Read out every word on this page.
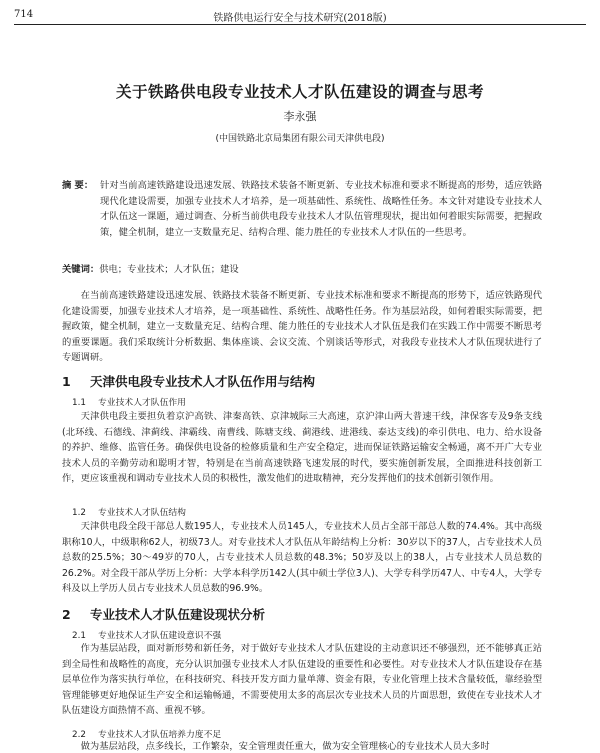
714	铁路供电运行安全与技术研究(2018版)
关于铁路供电段专业技术人才队伍建设的调查与思考
李永强
(中国铁路北京局集团有限公司天津供电段)
摘 要： 针对当前高速铁路建设迅速发展、铁路技术装备不断更新、专业技术标准和要求不断提高的形势，适应铁路现代化建设需要，加强专业技术人才培养，是一项基础性、系统性、战略性任务。本文针对建设专业技术人才队伍这一课题，通过调查、分析当前供电段专业技术人才队伍管理现状，提出如何着眼实际需要，把握政策，健全机制，建立一支数量充足、结构合理、能力胜任的专业技术人才队伍的一些思考。
关键词：供电；专业技术；人才队伍；建设

在当前高速铁路建设迅速发展、铁路技术装备不断更新、专业技术标准和要求不断提高的形势下，适应铁路现代化建设需要，加强专业技术人才培养，是一项基础性、系统性、战略性任务。作为基层站段，如何着眼实际需要，把握政策，健全机制，建立一支数量充足、结构合理、能力胜任的专业技术人才队伍是我们在实践工作中需要不断思考的重要课题。我们采取统计分析数据、集体座谈、会议交流、个别谈话等形式，对我段专业技术人才队伍现状进行了专题调研。

1 天津供电段专业技术人才队伍作用与结构
1.1 专业技术人才队伍作用

天津供电段主要担负着京沪高铁、津秦高铁、京津城际三大高速，京沪津山两大普速干线，津保客专及9条支线(北环线、石德线、津蓟线、津霸线、南曹线、陈塘支线、蓟港线、进港线、泰达支线)的牵引供电、电力、给水设备的养护、维修、监管任务。确保供电设备的检修质量和生产安全稳定，进而保证铁路运输安全畅通，离不开广大专业技术人员的辛勤劳动和聪明才智，特别是在当前高速铁路飞速发展的时代，要实施创新发展，全面推进科技创新工作，更应该重视和调动专业技术人员的积极性，激发他们的进取精神，充分发挥他们的技术创新引领作用。

1.2 专业技术人才队伍结构

天津供电段全段干部总人数195人，专业技术人员145人，专业技术人员占全部干部总人数的74.4%。其中高级职称10人，中级职称62人，初级73人。对专业技术人才队伍从年龄结构上分析：30岁以下的37人，占专业技术人员总数的25.5%；30～49岁的70人，占专业技术人员总数的48.3%；50岁及以上的38人，占专业技术人员总数的26.2%。对全段干部从学历上分析：大学本科学历142人(其中硕士学位3人)、大学专科学历47人、中专4人，大学专科及以上学历人员占专业技术人员总数的96.9%。

2 专业技术人才队伍建设现状分析
2.1 专业技术人才队伍建设意识不强

作为基层站段，面对新形势和新任务，对于做好专业技术人才队伍建设的主动意识还不够强烈，还不能够真正站到全局性和战略性的高度，充分认识加强专业技术人才队伍建设的重要性和必要性。对专业技术人才队伍建设存在基层单位作为落实执行单位，在科技研究、科技开发方面力量单薄、资金有限，专业化管理上技术含量较低，靠经验型管理能够更好地保证生产安全和运输畅通，不需要使用太多的高层次专业技术人员的片面思想，致使在专业技术人才队伍建设方面热情不高、重视不够。

2.2 专业技术人才队伍培养力度不足

做为基层站段，点多线长，工作繁杂，安全管理责任重大，做为安全管理核心的专业技术人员大多时
